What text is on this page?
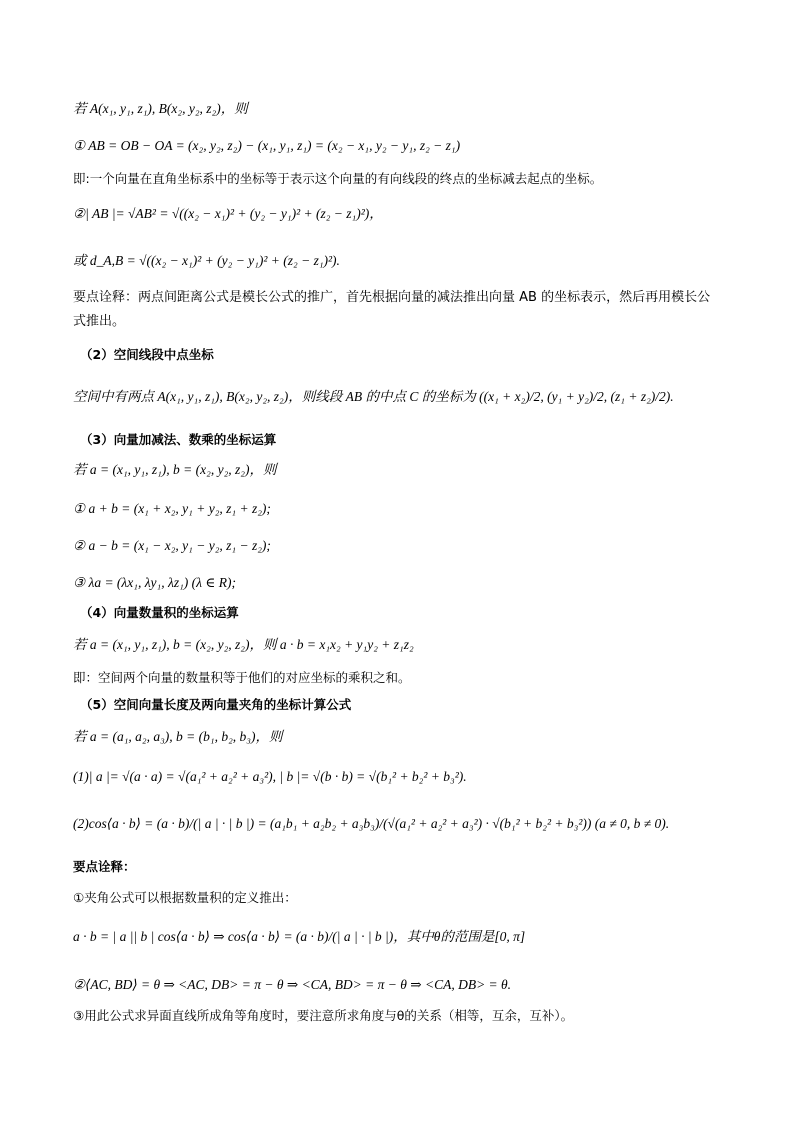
若 A(x₁, y₁, z₁), B(x₂, y₂, z₂)，则
① AB = OB − OA = (x₂, y₂, z₂) − (x₁, y₁, z₁) = (x₂ − x₁, y₂ − y₁, z₂ − z₁)
即:一个向量在直角坐标系中的坐标等于表示这个向量的有向线段的终点的坐标减去起点的坐标。
②| AB |= √AB² = √((x₂ − x₁)² + (y₂ − y₁)² + (z₂ − z₁)²)，
或 d_A,B = √((x₂ − x₁)² + (y₂ − y₁)² + (z₂ − z₁)²).
要点诠释：两点间距离公式是模长公式的推广，首先根据向量的减法推出向量 AB 的坐标表示，然后再用模长公式推出。
（2）空间线段中点坐标
空间中有两点 A(x₁, y₁, z₁), B(x₂, y₂, z₂)，则线段 AB 的中点 C 的坐标为 ((x₁ + x₂)/2, (y₁ + y₂)/2, (z₁ + z₂)/2).
（3）向量加减法、数乘的坐标运算
若 a = (x₁, y₁, z₁), b = (x₂, y₂, z₂)，则
① a + b = (x₁ + x₂, y₁ + y₂, z₁ + z₂);
② a − b = (x₁ − x₂, y₁ − y₂, z₁ − z₂);
③ λa = (λx₁, λy₁, λz₁) (λ ∈ R);
（4）向量数量积的坐标运算
若 a = (x₁, y₁, z₁), b = (x₂, y₂, z₂)，则 a · b = x₁x₂ + y₁y₂ + z₁z₂
即：空间两个向量的数量积等于他们的对应坐标的乘积之和。
（5）空间向量长度及两向量夹角的坐标计算公式
若 a = (a₁, a₂, a₃), b = (b₁, b₂, b₃)，则
(1)| a |= √(a · a) = √(a₁² + a₂² + a₃²), | b |= √(b · b) = √(b₁² + b₂² + b₃²).
(2)cos⟨a · b⟩ = (a · b)/(| a | · | b |) = (a₁b₁ + a₂b₂ + a₃b₃)/(√(a₁² + a₂² + a₃²) · √(b₁² + b₂² + b₃²)) (a ≠ 0, b ≠ 0).
要点诠释：
①夹角公式可以根据数量积的定义推出：
a · b = | a || b | cos⟨a · b⟩ ⇒ cos⟨a · b⟩ = (a · b)/(| a | · | b |)，其中θ的范围是[0, π]
②⟨AC, BD⟩ = θ ⇒ <AC, DB> = π − θ ⇒ <CA, BD> = π − θ ⇒ <CA, DB> = θ.
③用此公式求异面直线所成角等角度时，要注意所求角度与θ的关系（相等，互余，互补）。
